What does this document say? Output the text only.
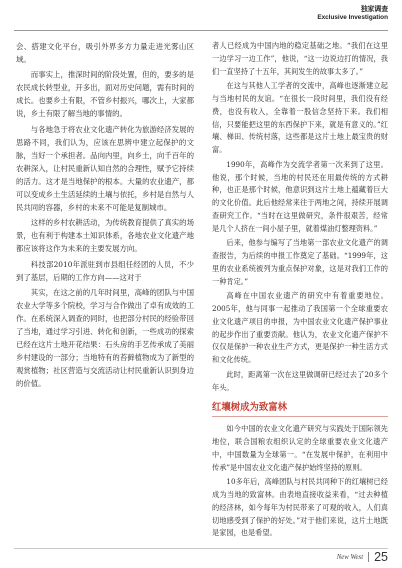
独家调查
Exclusive Investigation

会、搭建文化平台，吸引外界多方力量走进光雾山区域。

而事实上，推深时间的阶段处置，但的，要多的是农民成长转型业，开多出，面对历史问题，需有时间的成长。也要乡土有限，不管乡村振兴，哪次上，大家都说，乡土有限了解当地的事情的。

与各地急于将农业文化遗产转化为旅游经济发展的思路不同，我们认为，应该在思辨中建立起保护的文脉，当好一个承担者。品向内里，向乡土，向千百年的农耕深入，让村民重新认知自然的合理性，赋予它持续的活力。这才是当地保护的根本。大量的农业遗产，都可以变成乡土生活延续的土壤与依托，乡村是自然与人民共同的容器，乡村的未来不可能是复制城市。

这样的乡村农耕活动，为传统教育提供了真实的场景，也有利于构建本土知识体系，各地农业文化遗产地都应该将这作为未来的主要发展方向。

科技部2010年派驻到市县组任经团的人员，不少到了基层，后期的工作方向——这对于

其实，在这之前的几年时间里，高峰的团队与中国农业大学等多个院校，学习与合作做出了卓有成效的工作。在系统深入调查的同时，也把部分村民的经验带回了当地，通过学习引进、转化和创新，一些成功的探索已经在这片土地开花结果：石头房的手艺传承成了美丽乡村建设的一部分；当地特有的苔藓植物成为了新型的观赏植物；社区营造与交流活动让村民重新认识到身边的价值。

者人已经成为中国内地的稳定基础之地。“我们在这里一边学习一边工作”，他说，“这一边说边打的情况，我们一直坚持了十五年，其间发生的故事太多了。”

在这与其他人工学者的交流中，高峰也逐渐建立起与当地村民的友谊。“在很长一段时间里，我们没有经费，也没有收入，全靠着一股信念坚持下来。我们相信，只要能把这里的东西保护下来，就是有意义的。”红壤、梯田、传统村落，这些都是这片土地上最宝贵的财富。

1990年，高峰作为交流学者第一次来到了这里。他说，那个时候，当地的村民还在用最传统的方式耕种，也正是那个时候，他意识到这片土地上蕴藏着巨大的文化价值。此后他经常来往于两地之间，持续开展调查研究工作。“当时在这里做研究，条件很艰苦，经常是几个人挤在一间小屋子里，就着煤油灯整理资料。”

后来，他参与编写了当地第一部农业文化遗产的调查报告，为后续的申报工作奠定了基础。“1999年，这里的农业系统被列为重点保护对象，这是对我们工作的一种肯定。”

高峰在中国农业遗产的研究中有着重要地位。2005年，他与同事一起推动了我国第一个全球重要农业文化遗产项目的申报，为中国农业文化遗产保护事业的起步作出了重要贡献。他认为，农业文化遗产保护不仅仅是保护一种农业生产方式，更是保护一种生活方式和文化传统。

此时，距离第一次在这里做调研已经过去了20多个年头。

红壤树成为致富林

如今中国的农业文化遗产研究与实践处于国际领先地位，联合国粮农组织认定的全球重要农业文化遗产中，中国数量为全球第一。“在发展中保护，在利用中传承”是中国农业文化遗产保护始终坚持的原则。

10多年后，高峰团队与村民共同种下的红壤树已经成为当地的致富林。由表地直接收益来看，“过去种植的经济林，如今每年为村民带来了可观的收入，人们真切地感受到了保护的好处。”对于他们来说，这片土地既是家园，也是希望。

New West 25
